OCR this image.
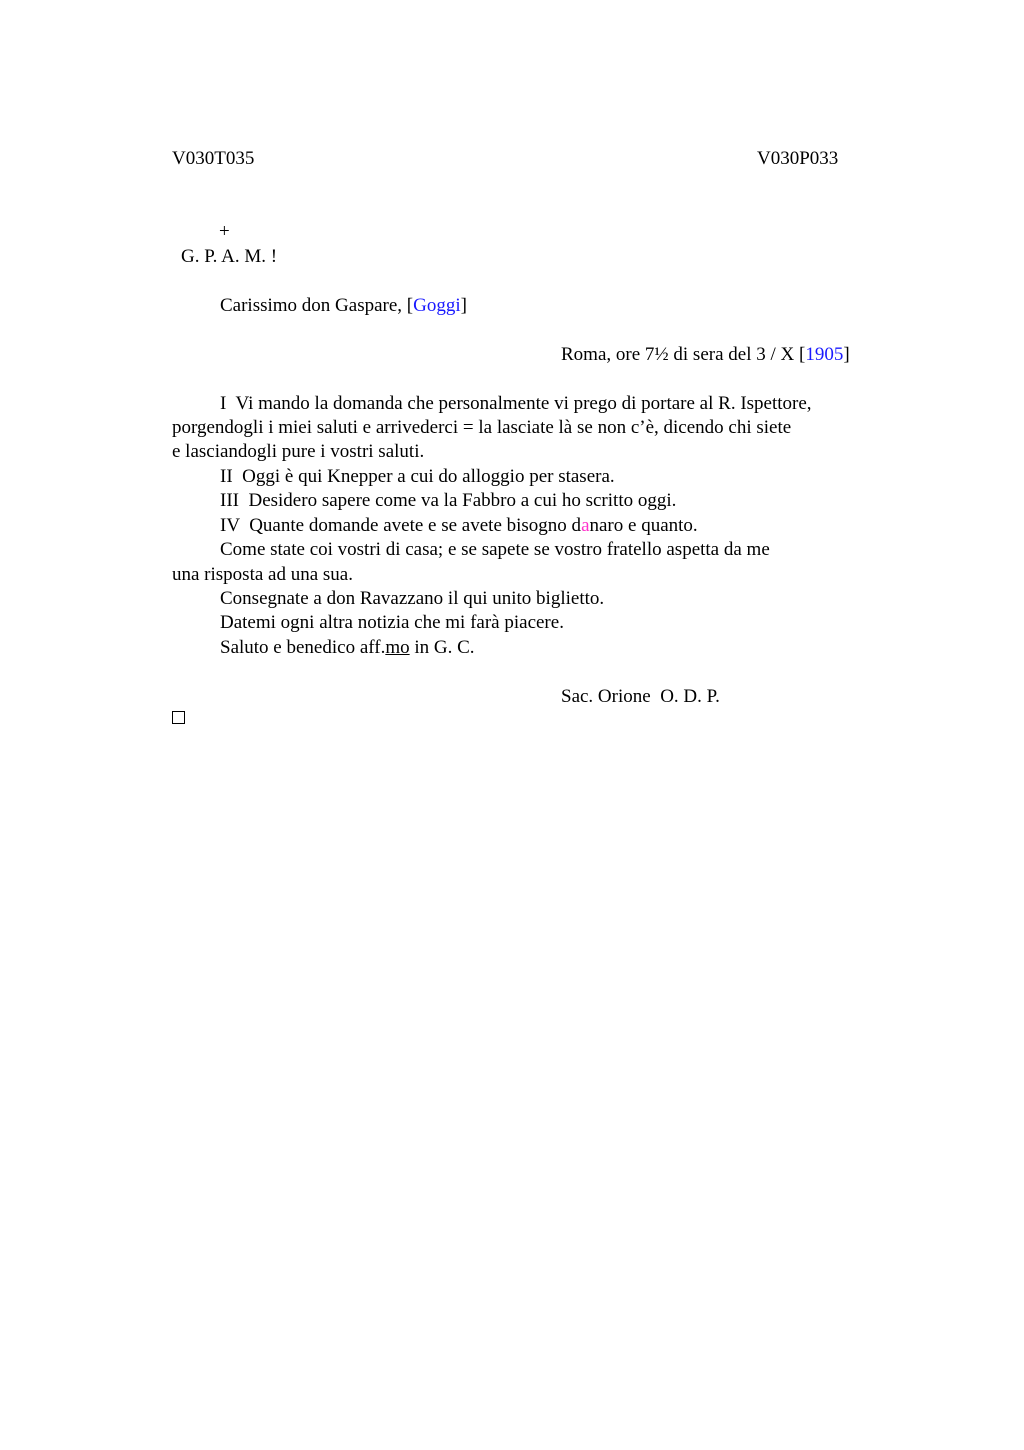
V030T035	V030P033
+
G. P. A. M. !
Carissimo don Gaspare, [Goggi]
Roma, ore 7½ di sera del 3 / X [1905]
I  Vi mando la domanda che personalmente vi prego di portare al R. Ispettore,
porgendogli i miei saluti e arrivederci = la lasciate là se non c’è, dicendo chi siete
e lasciandogli pure i vostri saluti.
II  Oggi è qui Knepper a cui do alloggio per stasera.
III  Desidero sapere come va la Fabbro a cui ho scritto oggi.
IV  Quante domande avete e se avete bisogno danaro e quanto.
Come state coi vostri di casa; e se sapete se vostro fratello aspetta da me
una risposta ad una sua.
Consegnate a don Ravazzano il qui unito biglietto.
Datemi ogni altra notizia che mi farà piacere.
Saluto e benedico aff.mo in G. C.
Sac. Orione  O. D. P.
